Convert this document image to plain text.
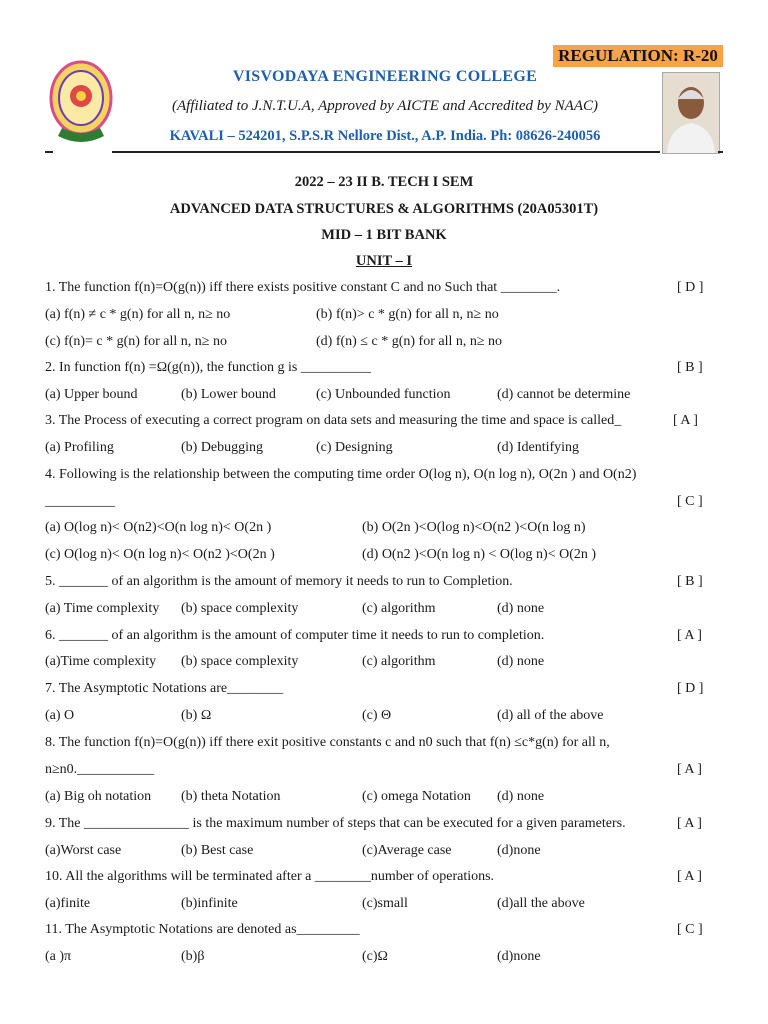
REGULATION: R-20
VISVODAYA ENGINEERING COLLEGE
(Affiliated to J.N.T.U.A, Approved by AICTE and Accredited by NAAC)
KAVALI – 524201, S.P.S.R Nellore Dist., A.P. India. Ph: 08626-240056
2022 – 23 II B. TECH I SEM
ADVANCED DATA STRUCTURES & ALGORITHMS (20A05301T)
MID – 1 BIT BANK
UNIT – I
1. The function f(n)=O(g(n)) iff there exists positive constant C and no Such that ________.	[ D ]
(a) f(n) ≠ c * g(n) for all n, n≥ no	(b) f(n)> c * g(n) for all n, n≥ no
(c) f(n)= c * g(n) for all n, n≥ no	(d) f(n) ≤ c * g(n) for all n, n≥ no
2. In function f(n) =Ω(g(n)), the function g is __________	[ B ]
(a) Upper bound	(b) Lower bound	(c) Unbounded function	(d) cannot be determine
3. The Process of executing a correct program on data sets and measuring the time and space is called_	[ A ]
(a) Profiling	(b) Debugging	(c) Designing	(d) Identifying
4. Following is the relationship between the computing time order O(log n), O(n log n), O(2n ) and O(n2)
__________	[ C ]
(a) O(log n)< O(n2)<O(n log n)< O(2n )	(b) O(2n )<O(log n)<O(n2 )<O(n log n)
(c) O(log n)< O(n log n)< O(n2 )<O(2n )	(d) O(n2 )<O(n log n) < O(log n)< O(2n )
5. _______ of an algorithm is the amount of memory it needs to run to Completion.	[ B ]
(a) Time complexity (b) space complexity	(c) algorithm	(d) none
6. _______ of an algorithm is the amount of computer time it needs to run to completion.	[ A ]
(a)Time complexity (b) space complexity	(c) algorithm	(d) none
7. The Asymptotic Notations are________	[ D ]
(a) O	(b) Ω	(c) Θ	(d) all of the above
8. The function f(n)=O(g(n)) iff there exit positive constants c and n0 such that f(n) ≤c*g(n) for all n,
n≥n0.___________	[ A ]
(a) Big oh notation (b) theta Notation	(c) omega Notation (d) none
9. The _______________ is the maximum number of steps that can be executed for a given parameters.	[ A ]
(a)Worst case	(b) Best case	(c)Average case	(d)none
10. All the algorithms will be terminated after a ________number of operations.	[ A ]
(a)finite	(b)infinite	(c)small	(d)all the above
11. The Asymptotic Notations are denoted as_________	[ C ]
(a )π	(b)β	(c)Ω	(d)none
